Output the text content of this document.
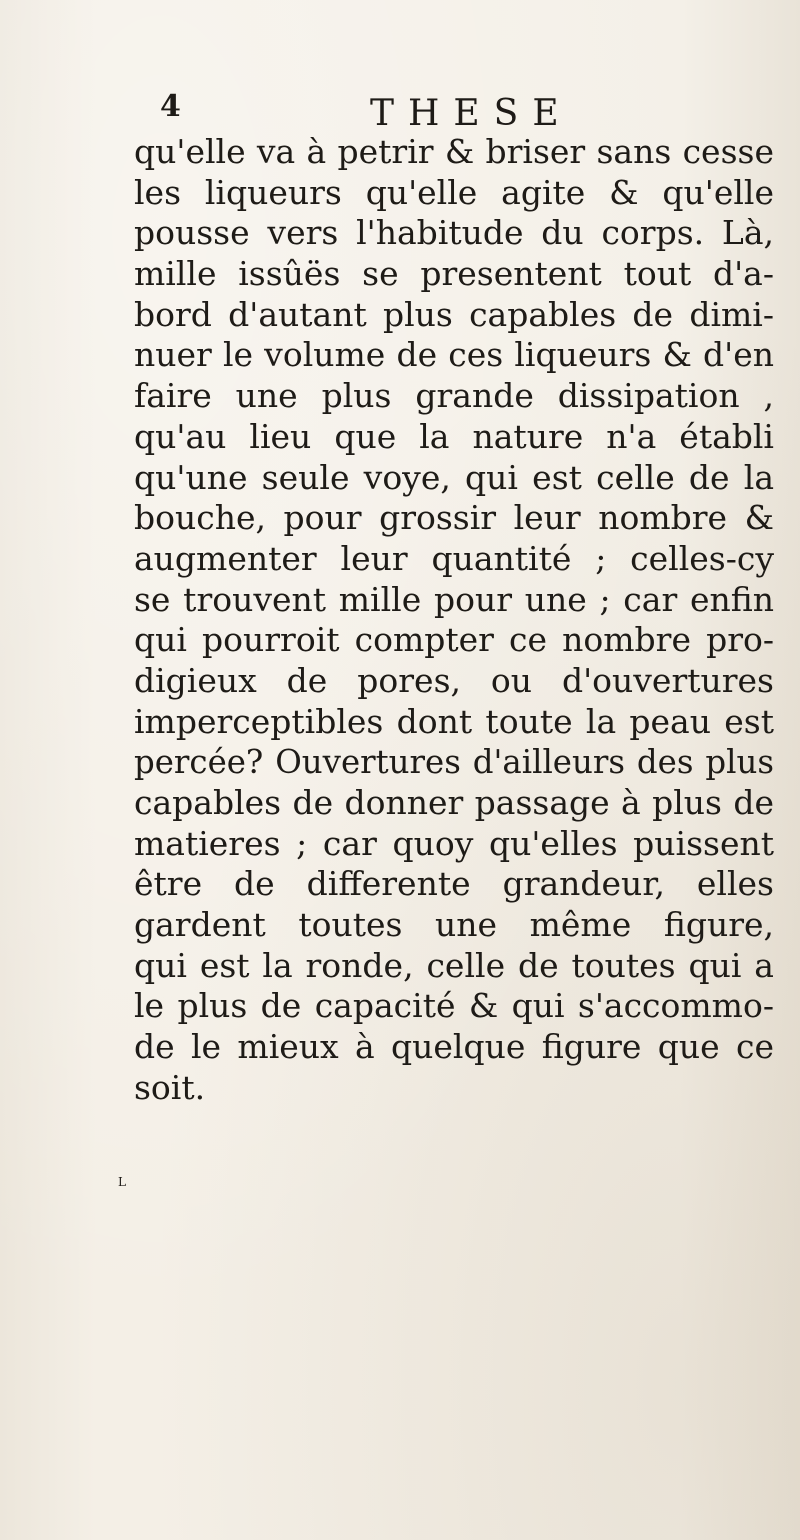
4	THESE
qu'elle va à petrir & briser sans cesse
les liqueurs qu'elle agite & qu'elle
pousse vers l'habitude du corps. Là,
mille issûës se presentent tout d'a-
bord d'autant plus capables de dimi-
nuer le volume de ces liqueurs & d'en
faire une plus grande dissipation ,
qu'au lieu que la nature n'a établi
qu'une seule voye, qui est celle de la
bouche, pour grossir leur nombre &
augmenter leur quantité ; celles-cy
se trouvent mille pour une ; car enfin
qui pourroit compter ce nombre pro-
digieux de pores, ou d'ouvertures
imperceptibles dont toute la peau est
percée? Ouvertures d'ailleurs des plus
capables de donner passage à plus de
matieres ; car quoy qu'elles puissent
être de differente grandeur, elles
gardent toutes une même figure,
qui est la ronde, celle de toutes qui a
le plus de capacité & qui s'accommo-
de le mieux à quelque figure que ce
soit.
L
